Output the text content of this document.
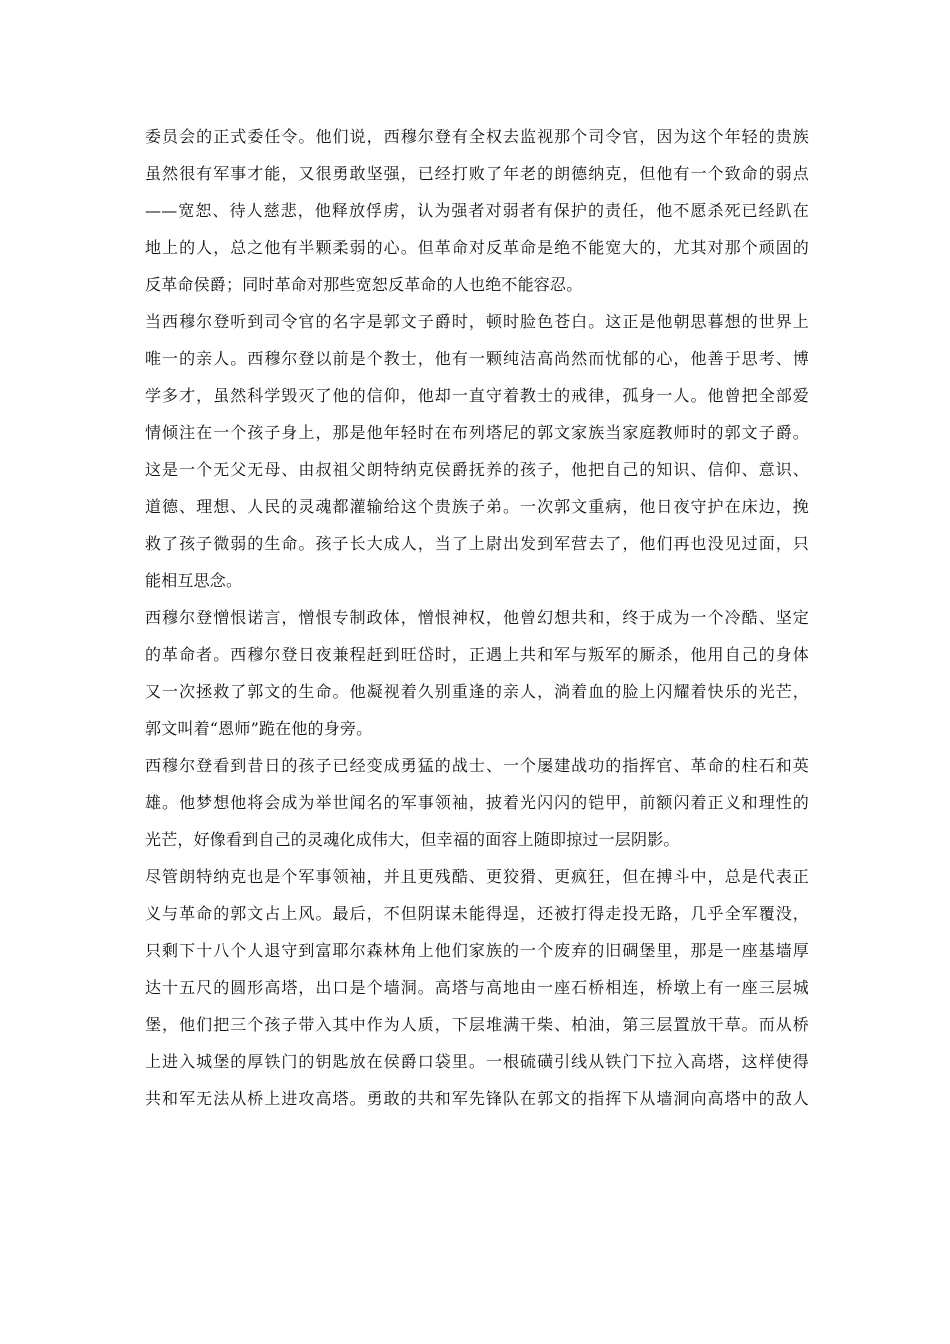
委员会的正式委任令。他们说，西穆尔登有全权去监视那个司令官，因为这个年轻的贵族
虽然很有军事才能，又很勇敢坚强，已经打败了年老的朗德纳克，但他有一个致命的弱点
——宽恕、待人慈悲，他释放俘虏，认为强者对弱者有保护的责任，他不愿杀死已经趴在
地上的人，总之他有半颗柔弱的心。但革命对反革命是绝不能宽大的，尤其对那个顽固的
反革命侯爵；同时革命对那些宽恕反革命的人也绝不能容忍。
当西穆尔登听到司令官的名字是郭文子爵时，顿时脸色苍白。这正是他朝思暮想的世界上
唯一的亲人。西穆尔登以前是个教士，他有一颗纯洁高尚然而忧郁的心，他善于思考、博
学多才，虽然科学毁灭了他的信仰，他却一直守着教士的戒律，孤身一人。他曾把全部爱
情倾注在一个孩子身上，那是他年轻时在布列塔尼的郭文家族当家庭教师时的郭文子爵。
这是一个无父无母、由叔祖父朗特纳克侯爵抚养的孩子，他把自己的知识、信仰、意识、
道德、理想、人民的灵魂都灌输给这个贵族子弟。一次郭文重病，他日夜守护在床边，挽
救了孩子微弱的生命。孩子长大成人，当了上尉出发到军营去了，他们再也没见过面，只
能相互思念。
西穆尔登憎恨诺言，憎恨专制政体，憎恨神权，他曾幻想共和，终于成为一个冷酷、坚定
的革命者。西穆尔登日夜兼程赶到旺岱时，正遇上共和军与叛军的厮杀，他用自己的身体
又一次拯救了郭文的生命。他凝视着久别重逢的亲人，淌着血的脸上闪耀着快乐的光芒，
郭文叫着“恩师”跪在他的身旁。
西穆尔登看到昔日的孩子已经变成勇猛的战士、一个屡建战功的指挥官、革命的柱石和英
雄。他梦想他将会成为举世闻名的军事领袖，披着光闪闪的铠甲，前额闪着正义和理性的
光芒，好像看到自己的灵魂化成伟大，但幸福的面容上随即掠过一层阴影。
尽管朗特纳克也是个军事领袖，并且更残酷、更狡猾、更疯狂，但在搏斗中，总是代表正
义与革命的郭文占上风。最后，不但阴谋未能得逞，还被打得走投无路，几乎全军覆没，
只剩下十八个人退守到富耶尔森林角上他们家族的一个废弃的旧碉堡里，那是一座基墙厚
达十五尺的圆形高塔，出口是个墙洞。高塔与高地由一座石桥相连，桥墩上有一座三层城
堡，他们把三个孩子带入其中作为人质，下层堆满干柴、柏油，第三层置放干草。而从桥
上进入城堡的厚铁门的钥匙放在侯爵口袋里。一根硫磺引线从铁门下拉入高塔，这样使得
共和军无法从桥上进攻高塔。勇敢的共和军先锋队在郭文的指挥下从墙洞向高塔中的敌人
